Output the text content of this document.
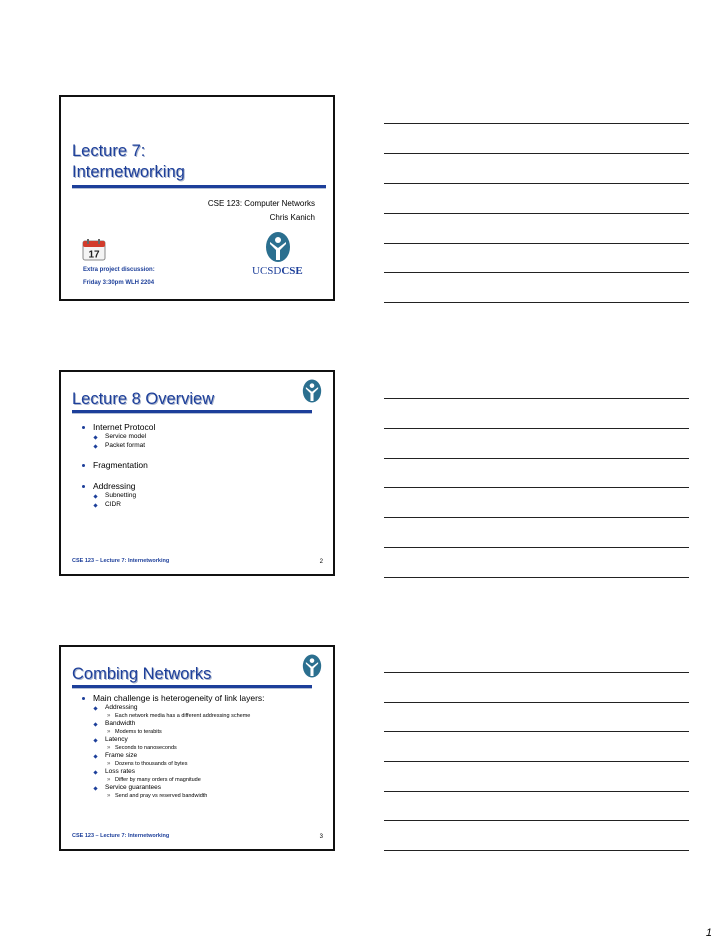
Lecture 7:
Internetworking
CSE 123: Computer Networks
Chris Kanich
17
Extra project discussion:
Friday 3:30pm WLH 2204
UCSDCSE
Lecture 8 Overview
Internet Protocol
Service model
Packet format
Fragmentation
Addressing
Subnetting
CIDR
CSE 123 – Lecture 7: Internetworking	2
Combing Networks
Main challenge is heterogeneity of link layers:
Addressing
» Each network media has a different addressing scheme
Bandwidth
» Modems to terabits
Latency
» Seconds to nanoseconds
Frame size
» Dozens to thousands of bytes
Loss rates
» Differ by many orders of magnitude
Service guarantees
» Send and pray vs reserved bandwidth
CSE 123 – Lecture 7: Internetworking	3
1
